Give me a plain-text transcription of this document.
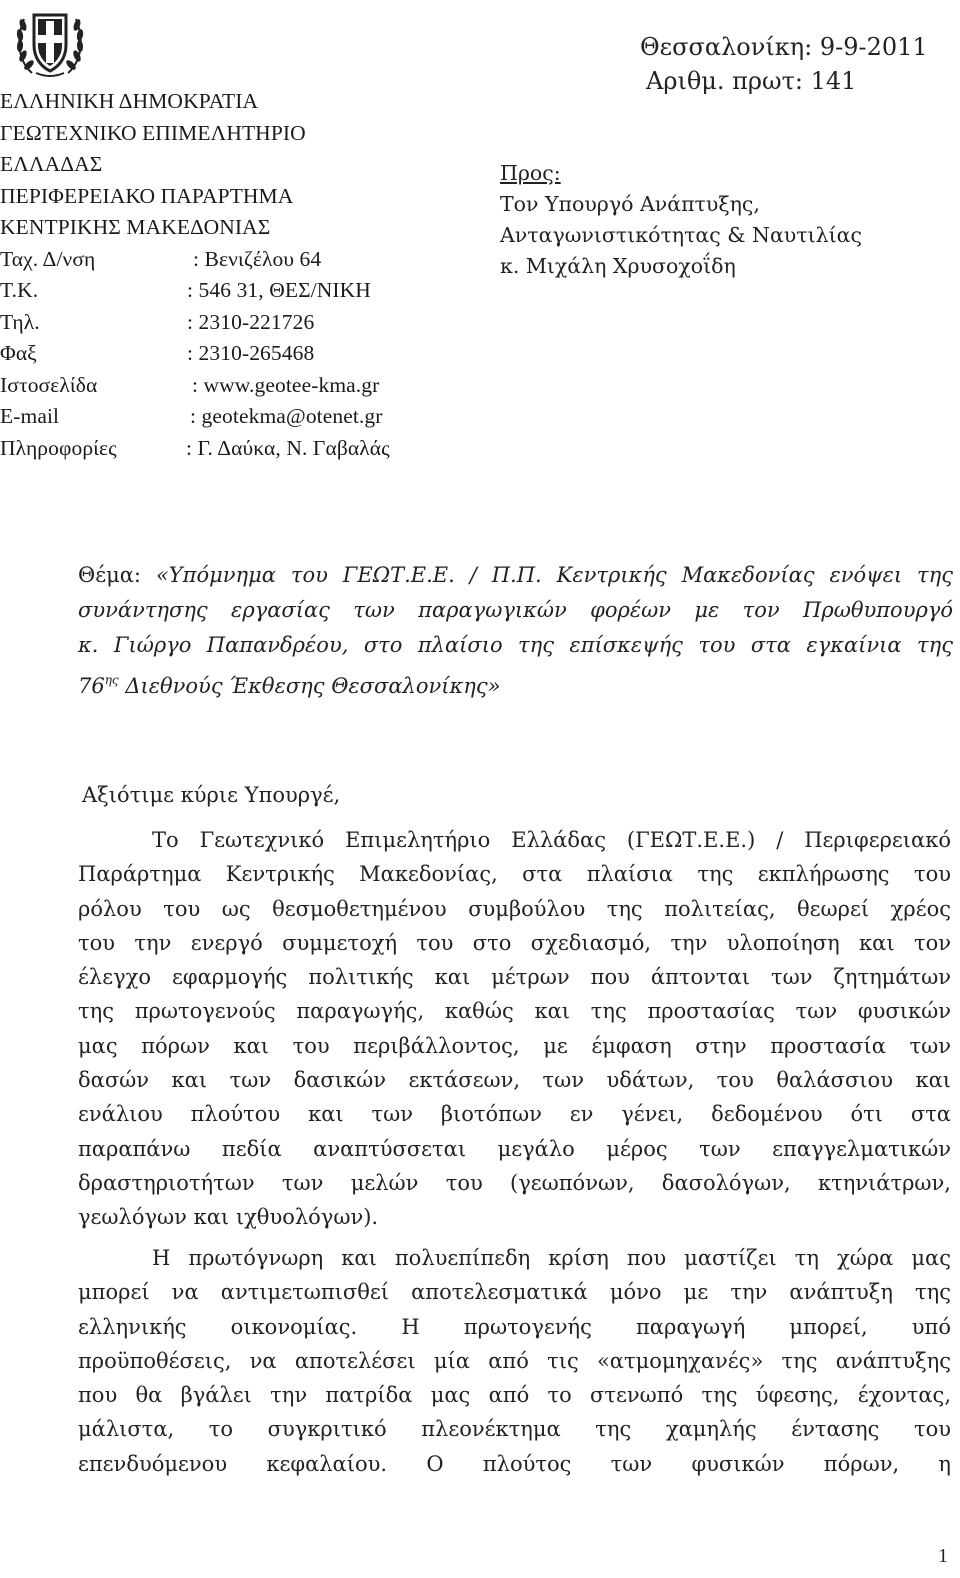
ΕΛΛΗΝΙΚΗ ΔΗΜΟΚΡΑΤΙΑ
ΓΕΩΤΕΧΝΙΚΟ ΕΠΙΜΕΛΗΤΗΡΙΟ
ΕΛΛΑΔΑΣ
ΠΕΡΙΦΕΡΕΙΑΚΟ ΠΑΡΑΡΤΗΜΑ
ΚΕΝΤΡΙΚΗΣ ΜΑΚΕΔΟΝΙΑΣ
Ταχ. Δ/νση	: Βενιζέλου 64
Τ.Κ.	: 546 31, ΘΕΣ/ΝΙΚΗ
Τηλ.	: 2310-221726
Φαξ	: 2310-265468
Ιστοσελίδα	: www.geotee-kma.gr
E-mail	: geotekma@otenet.gr
Πληροφορίες	: Γ. Δαύκα, Ν. Γαβαλάς
Θεσσαλονίκη: 9-9-2011
Αριθμ. πρωτ: 141
Προς:
Τον Υπουργό Ανάπτυξης,
Ανταγωνιστικότητας & Ναυτιλίας
κ. Μιχάλη Χρυσοχοΐδη
Θέμα: «Υπόμνημα του ΓΕΩΤ.Ε.Ε. / Π.Π. Κεντρικής Μακεδονίας ενόψει της
συνάντησης εργασίας των παραγωγικών φορέων με τον Πρωθυπουργό
κ. Γιώργο Παπανδρέου, στο πλαίσιο της επίσκεψής του στα εγκαίνια της
$76^{\eta\varsigma}$ Διεθνούς Έκθεσης Θεσσαλονίκης»
Αξιότιμε κύριε Υπουργέ,
Το Γεωτεχνικό Επιμελητήριο Ελλάδας (ΓΕΩΤ.Ε.Ε.) / Περιφερειακό
Παράρτημα Κεντρικής Μακεδονίας, στα πλαίσια της εκπλήρωσης του
ρόλου του ως θεσμοθετημένου συμβούλου της πολιτείας, θεωρεί χρέος
του την ενεργό συμμετοχή του στο σχεδιασμό, την υλοποίηση και τον
έλεγχο εφαρμογής πολιτικής και μέτρων που άπτονται των ζητημάτων
της πρωτογενούς παραγωγής, καθώς και της προστασίας των φυσικών
μας πόρων και του περιβάλλοντος, με έμφαση στην προστασία των
δασών και των δασικών εκτάσεων, των υδάτων, του θαλάσσιου και
ενάλιου πλούτου και των βιοτόπων εν γένει, δεδομένου ότι στα
παραπάνω πεδία αναπτύσσεται μεγάλο μέρος των επαγγελματικών
δραστηριοτήτων των μελών του (γεωπόνων, δασολόγων, κτηνιάτρων,
γεωλόγων και ιχθυολόγων).
Η πρωτόγνωρη και πολυεπίπεδη κρίση που μαστίζει τη χώρα μας
μπορεί να αντιμετωπισθεί αποτελεσματικά μόνο με την ανάπτυξη της
ελληνικής οικονομίας. Η πρωτογενής παραγωγή μπορεί, υπό
προϋποθέσεις, να αποτελέσει μία από τις «ατμομηχανές» της ανάπτυξης
που θα βγάλει την πατρίδα μας από το στενωπό της ύφεσης, έχοντας,
μάλιστα, το συγκριτικό πλεονέκτημα της χαμηλής έντασης του
επενδυόμενου κεφαλαίου. Ο πλούτος των φυσικών πόρων, η
1
